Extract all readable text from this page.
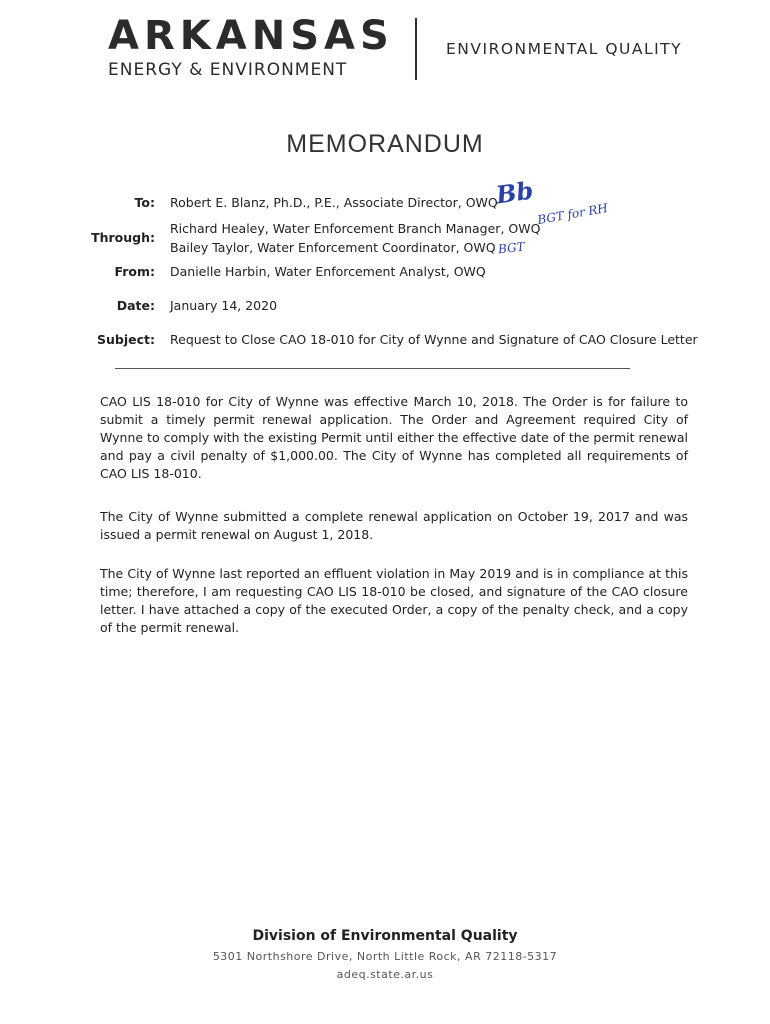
ARKANSAS
ENERGY & ENVIRONMENT
ENVIRONMENTAL QUALITY
MEMORANDUM
To: Robert E. Blanz, Ph.D., P.E., Associate Director, OWQ
Bb
Through:
Richard Healey, Water Enforcement Branch Manager, OWQ
Bailey Taylor, Water Enforcement Coordinator, OWQ
BGT for RH
BGT
From: Danielle Harbin, Water Enforcement Analyst, OWQ
Date: January 14, 2020
Subject: Request to Close CAO 18-010 for City of Wynne and Signature of CAO Closure Letter

CAO LIS 18-010 for City of Wynne was effective March 10, 2018. The Order is for failure to submit a timely permit renewal application. The Order and Agreement required City of Wynne to comply with the existing Permit until either the effective date of the permit renewal and pay a civil penalty of $1,000.00. The City of Wynne has completed all requirements of CAO LIS 18-010.

The City of Wynne submitted a complete renewal application on October 19, 2017 and was issued a permit renewal on August 1, 2018.

The City of Wynne last reported an effluent violation in May 2019 and is in compliance at this time; therefore, I am requesting CAO LIS 18-010 be closed, and signature of the CAO closure letter. I have attached a copy of the executed Order, a copy of the penalty check, and a copy of the permit renewal.

Division of Environmental Quality
5301 Northshore Drive, North Little Rock, AR 72118-5317
adeq.state.ar.us
